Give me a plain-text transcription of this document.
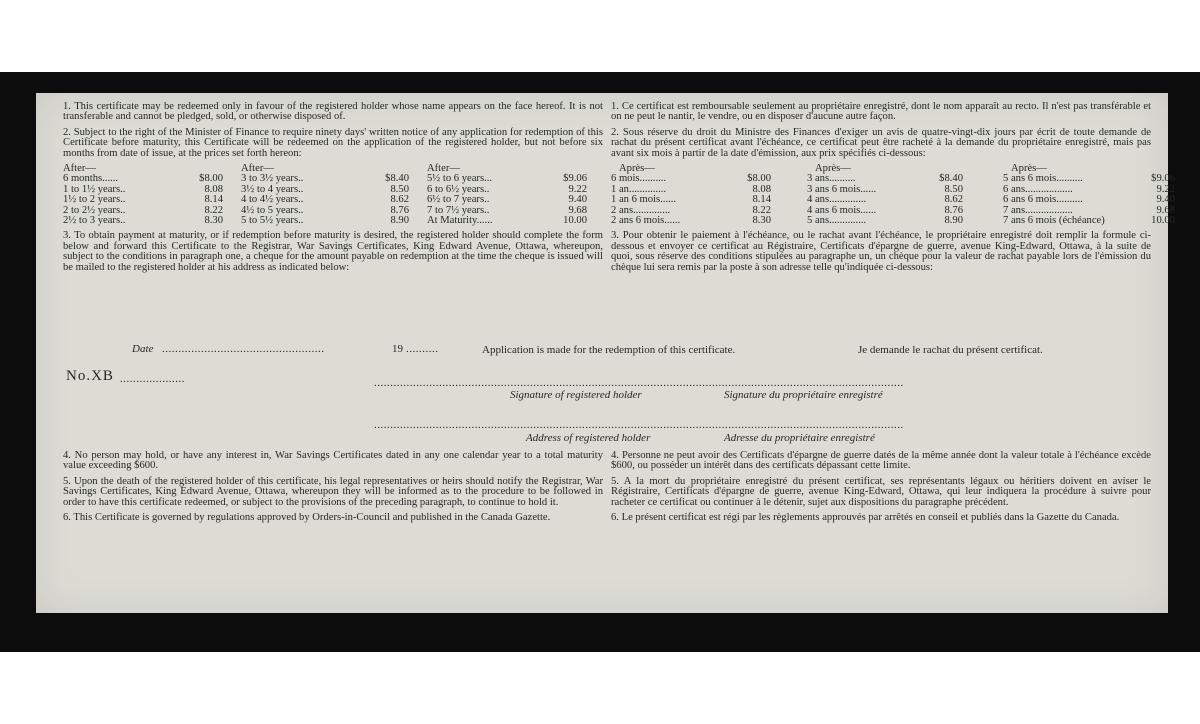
1. This certificate may be redeemed only in favour of the registered holder whose name appears on the face hereof. It is not transferable and cannot be pledged, sold, or otherwise disposed of.

2. Subject to the right of the Minister of Finance to require ninety days' written notice of any application for redemption of this Certificate before maturity, this Certificate will be redeemed on the application of the registered holder, but not before six months from date of issue, at the prices set forth hereon:

After—
6 months......	$8.00
1 to 1½ years..	8.08
1½ to 2 years..	8.14
2 to 2½ years..	8.22
2½ to 3 years..	8.30
After—
3 to 3½ years..	$8.40
3½ to 4 years..	8.50
4 to 4½ years..	8.62
4½ to 5 years..	8.76
5 to 5½ years..	8.90
After—
5½ to 6 years...	$9.06
6 to 6½ years..	9.22
6½ to 7 years..	9.40
7 to 7½ years..	9.68
At Maturity......	10.00

3. To obtain payment at maturity, or if redemption before maturity is desired, the registered holder should complete the form below and forward this Certificate to the Registrar, War Savings Certificates, King Edward Avenue, Ottawa, whereupon, subject to the conditions in paragraph one, a cheque for the amount payable on redemption at the time the cheque is issued will be mailed to the registered holder at his address as indicated below:

1. Ce certificat est remboursable seulement au propriétaire enregistré, dont le nom apparaît au recto. Il n'est pas transférable et on ne peut le nantir, le vendre, ou en disposer d'aucune autre façon.

2. Sous réserve du droit du Ministre des Finances d'exiger un avis de quatre-vingt-dix jours par écrit de toute demande de rachat du présent certificat avant l'échéance, ce certificat peut être racheté à la demande du propriétaire enregistré, mais pas avant six mois à partir de la date d'émission, aux prix spécifiés ci-dessous:

Après—
6 mois..........	$8.00
1 an..............	8.08
1 an 6 mois......	8.14
2 ans..............	8.22
2 ans 6 mois......	8.30
Après—
3 ans..........	$8.40
3 ans 6 mois......	8.50
4 ans..............	8.62
4 ans 6 mois......	8.76
5 ans..............	8.90
Après—
5 ans 6 mois..........	$9.06
6 ans..................	9.22
6 ans 6 mois..........	9.40
7 ans..................	9.68
7 ans 6 mois (échéance)	10.00

3. Pour obtenir le paiement à l'échéance, ou le rachat avant l'échéance, le propriétaire enregistré doit remplir la formule ci-dessous et envoyer ce certificat au Régistraire, Certificats d'épargne de guerre, avenue King-Edward, Ottawa, à la suite de quoi, sous réserve des conditions stipulées au paragraphe un, un chèque pour la valeur de rachat payable lors de l'émission du chèque lui sera remis par la poste à son adresse telle qu'indiquée ci-dessous:

Date ..................................................	19 ..........	Application is made for the redemption of this certificate.	Je demande le rachat du présent certificat.
No.XB ....................	...................................................................................................................................................................
Signature of registered holder	Signature du propriétaire enregistré
...................................................................................................................................................................
Address of registered holder	Adresse du propriétaire enregistré

4. No person may hold, or have any interest in, War Savings Certificates dated in any one calendar year to a total maturity value exceeding $600.

5. Upon the death of the registered holder of this certificate, his legal representatives or heirs should notify the Registrar, War Savings Certificates, King Edward Avenue, Ottawa, whereupon they will be informed as to the procedure to be followed in order to have this certificate redeemed, or subject to the provisions of the preceding paragraph, to continue to hold it.

6. This Certificate is governed by regulations approved by Orders-in-Council and published in the Canada Gazette.

4. Personne ne peut avoir des Certificats d'épargne de guerre datés de la même année dont la valeur totale à l'échéance excède $600, ou posséder un intérêt dans des certificats dépassant cette limite.

5. A la mort du propriétaire enregistré du présent certificat, ses représentants légaux ou héritiers doivent en aviser le Régistraire, Certificats d'épargne de guerre, avenue King-Edward, Ottawa, qui leur indiquera la procédure à suivre pour racheter ce certificat ou continuer à le détenir, sujet aux dispositions du paragraphe précédent.

6. Le présent certificat est régi par les règlements approuvés par arrêtés en conseil et publiés dans la Gazette du Canada.
